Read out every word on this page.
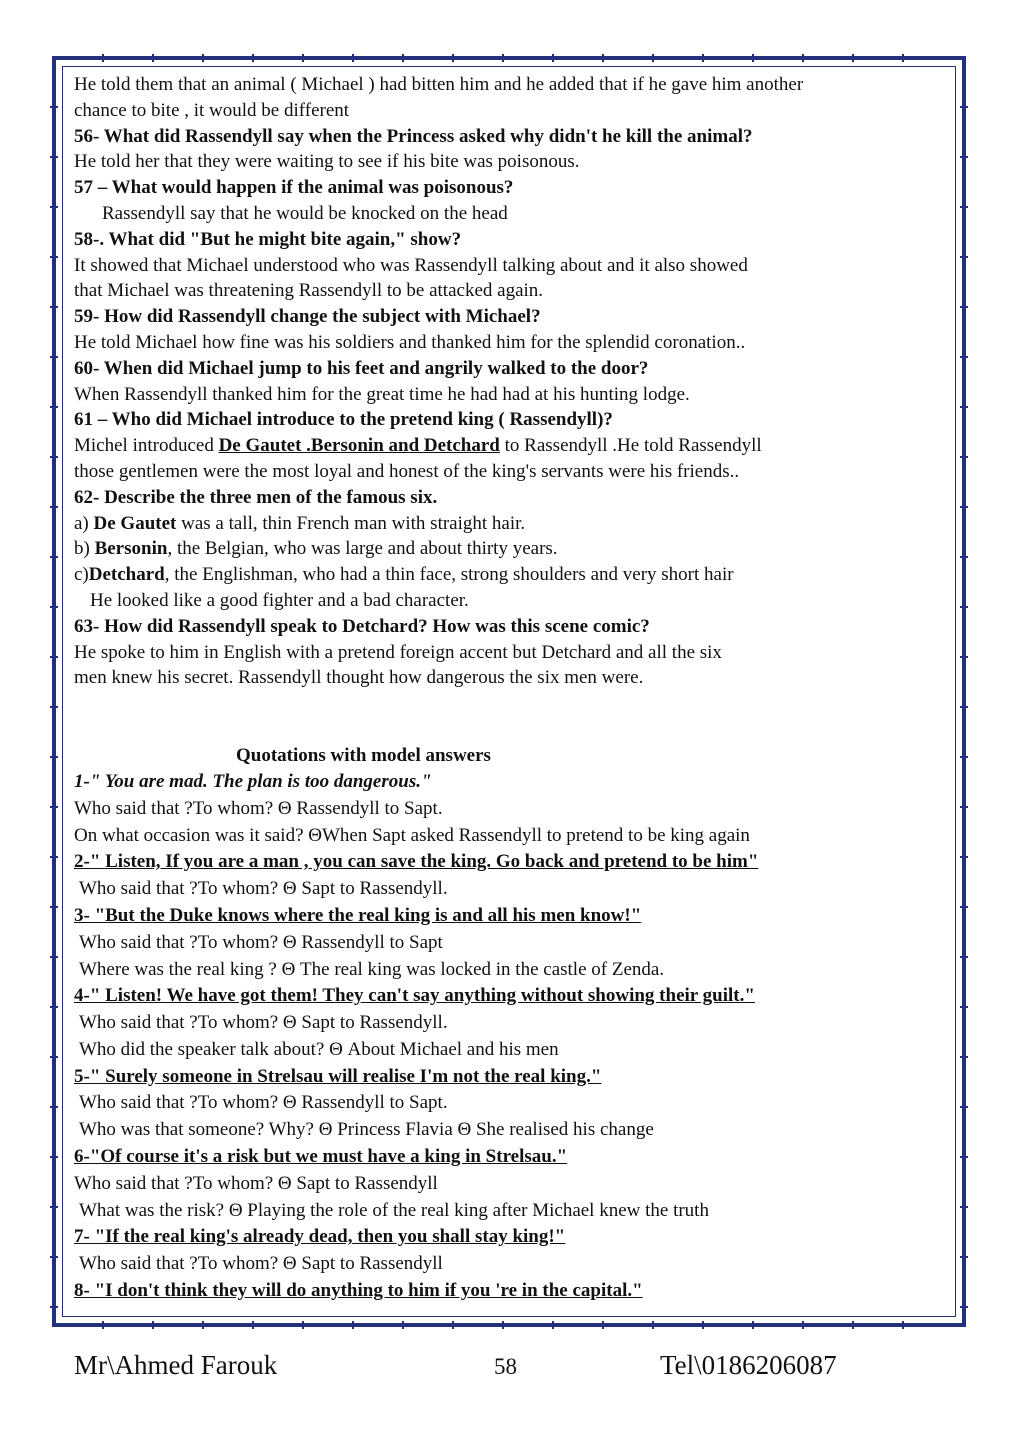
He told them that an animal ( Michael ) had bitten him and he added that if he gave him another
chance to bite , it would be different
56- What did Rassendyll say when the Princess asked why didn't he kill the animal?
He told her that they were waiting to see if his bite was poisonous.
57 – What would happen if the animal was poisonous?
Rassendyll say that he would be knocked on the head
58-. What did "But he might bite again," show?
It showed that Michael understood who was Rassendyll talking about and it also showed
that Michael was threatening Rassendyll to be attacked again.
59- How did Rassendyll change the subject with Michael?
He told Michael how fine was his soldiers and thanked him for the splendid coronation..
60- When did Michael jump to his feet and angrily walked to the door?
When Rassendyll thanked him for the great time he had had at his hunting lodge.
61 – Who did Michael introduce to the pretend king ( Rassendyll)?
Michel introduced De Gautet .Bersonin and Detchard to Rassendyll .He told Rassendyll
those gentlemen were the most loyal and honest of the king's servants were his friends..
62- Describe the three men of the famous six.
a) De Gautet was a tall, thin French man with straight hair.
b) Bersonin, the Belgian, who was large and about thirty years.
c)Detchard, the Englishman, who had a thin face, strong shoulders and very short hair
He looked like a good fighter and a bad character.
63- How did Rassendyll speak to Detchard? How was this scene comic?
He spoke to him in English with a pretend foreign accent but Detchard and all the six
men knew his secret. Rassendyll thought how dangerous the six men were.
Quotations with model answers
1-" You are mad. The plan is too dangerous."
Who said that ?To whom? Θ Rassendyll to Sapt.
On what occasion was it said? ΘWhen Sapt asked Rassendyll to pretend to be king again
2-" Listen, If you are a man , you can save the king. Go back and pretend to be him"
Who said that ?To whom? Θ Sapt to Rassendyll.
3- "But the Duke knows where the real king is and all his men know!"
Who said that ?To whom? Θ Rassendyll to Sapt
Where was the real king ? Θ The real king was locked in the castle of Zenda.
4-" Listen! We have got them! They can't say anything without showing their guilt."
Who said that ?To whom? Θ Sapt to Rassendyll.
Who did the speaker talk about? Θ About Michael and his men
5-" Surely someone in Strelsau will realise I'm not the real king."
Who said that ?To whom? Θ Rassendyll to Sapt.
Who was that someone? Why? Θ Princess Flavia Θ She realised his change
6-"Of course it's a risk but we must have a king in Strelsau."
Who said that ?To whom? Θ Sapt to Rassendyll
What was the risk? Θ Playing the role of the real king after Michael knew the truth
7- "If the real king's already dead, then you shall stay king!"
Who said that ?To whom? Θ Sapt to Rassendyll
8- "I don't think they will do anything to him if you 're in the capital."
Mr\Ahmed Farouk	58	Tel\0186206087
